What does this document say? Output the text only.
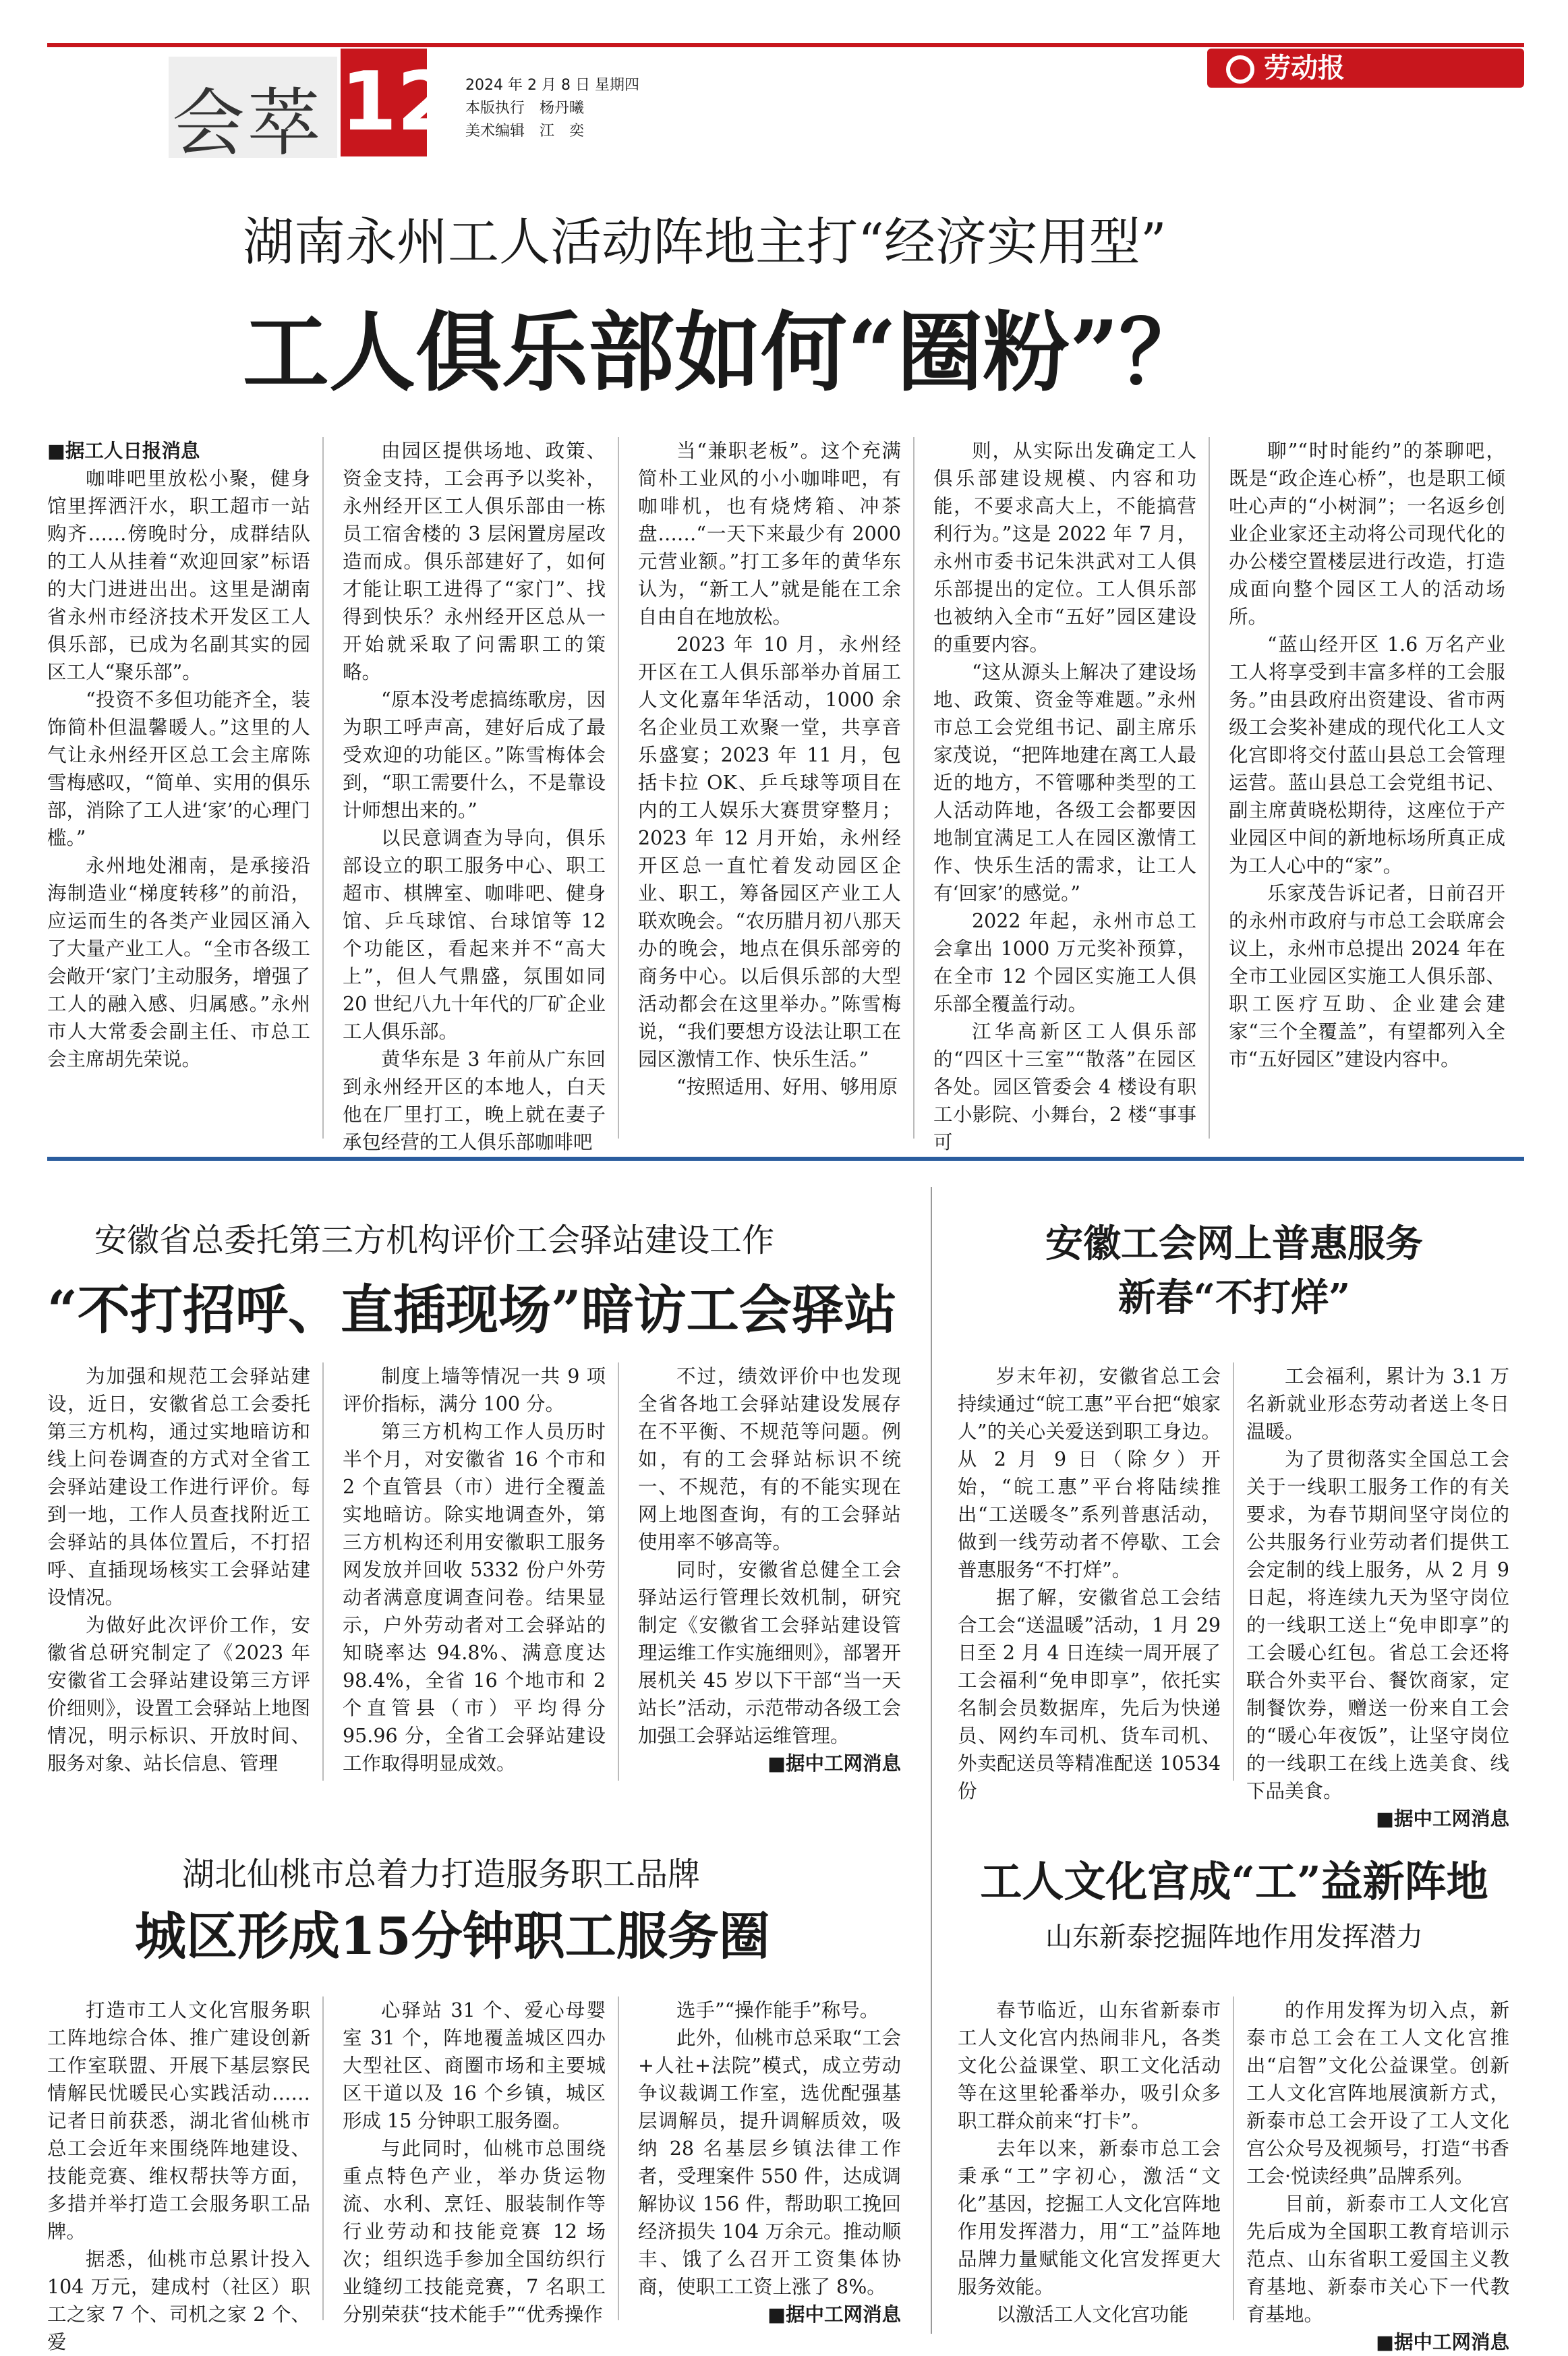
会萃 12 2024 年 2 月 8 日 星期四
本版执行　杨丹曦
美术编辑　江　奕
劳动报
湖南永州工人活动阵地主打“经济实用型”
工人俱乐部如何“圈粉”？

■据工人日报消息

咖啡吧里放松小聚，健身馆里挥洒汗水，职工超市一站购齐……傍晚时分，成群结队的工人从挂着“欢迎回家”标语的大门进进出出。这里是湖南省永州市经济技术开发区工人俱乐部，已成为名副其实的园区工人“聚乐部”。

“投资不多但功能齐全，装饰简朴但温馨暖人。”这里的人气让永州经开区总工会主席陈雪梅感叹，“简单、实用的俱乐部，消除了工人进‘家’的心理门槛。”

永州地处湘南，是承接沿海制造业“梯度转移”的前沿，应运而生的各类产业园区涌入了大量产业工人。“全市各级工会敞开‘家门’主动服务，增强了工人的融入感、归属感。”永州市人大常委会副主任、市总工会主席胡先荣说。

由园区提供场地、政策、资金支持，工会再予以奖补，永州经开区工人俱乐部由一栋员工宿舍楼的 3 层闲置房屋改造而成。俱乐部建好了，如何才能让职工进得了“家门”、找得到快乐？永州经开区总从一开始就采取了问需职工的策略。

“原本没考虑搞练歌房，因为职工呼声高，建好后成了最受欢迎的功能区。”陈雪梅体会到，“职工需要什么，不是靠设计师想出来的。”

以民意调查为导向，俱乐部设立的职工服务中心、职工超市、棋牌室、咖啡吧、健身馆、乒乓球馆、台球馆等 12 个功能区，看起来并不“高大上”，但人气鼎盛，氛围如同 20 世纪八九十年代的厂矿企业工人俱乐部。

黄华东是 3 年前从广东回到永州经开区的本地人，白天他在厂里打工，晚上就在妻子承包经营的工人俱乐部咖啡吧

当“兼职老板”。这个充满简朴工业风的小小咖啡吧，有咖啡机，也有烧烤箱、冲茶盘……“一天下来最少有 2000 元营业额。”打工多年的黄华东认为，“新工人”就是能在工余自由自在地放松。

2023 年 10 月，永州经开区在工人俱乐部举办首届工人文化嘉年华活动，1000 余名企业员工欢聚一堂，共享音乐盛宴；2023 年 11 月，包括卡拉 OK、乒乓球等项目在内的工人娱乐大赛贯穿整月；2023 年 12 月开始，永州经开区总一直忙着发动园区企业、职工，筹备园区产业工人联欢晚会。“农历腊月初八那天办的晚会，地点在俱乐部旁的商务中心。以后俱乐部的大型活动都会在这里举办。”陈雪梅说，“我们要想方设法让职工在园区激情工作、快乐生活。”

“按照适用、好用、够用原

则，从实际出发确定工人俱乐部建设规模、内容和功能，不要求高大上，不能搞营利行为。”这是 2022 年 7 月，永州市委书记朱洪武对工人俱乐部提出的定位。工人俱乐部也被纳入全市“五好”园区建设的重要内容。

“这从源头上解决了建设场地、政策、资金等难题。”永州市总工会党组书记、副主席乐家茂说，“把阵地建在离工人最近的地方，不管哪种类型的工人活动阵地，各级工会都要因地制宜满足工人在园区激情工作、快乐生活的需求，让工人有‘回家’的感觉。”

2022 年起，永州市总工会拿出 1000 万元奖补预算，在全市 12 个园区实施工人俱乐部全覆盖行动。

江华高新区工人俱乐部的“四区十三室”“散落”在园区各处。园区管委会 4 楼设有职工小影院、小舞台，2 楼“事事可

聊”“时时能约”的茶聊吧，既是“政企连心桥”，也是职工倾吐心声的“小树洞”；一名返乡创业企业家还主动将公司现代化的办公楼空置楼层进行改造，打造成面向整个园区工人的活动场所。

“蓝山经开区 1.6 万名产业工人将享受到丰富多样的工会服务。”由县政府出资建设、省市两级工会奖补建成的现代化工人文化宫即将交付蓝山县总工会管理运营。蓝山县总工会党组书记、副主席黄晓松期待，这座位于产业园区中间的新地标场所真正成为工人心中的“家”。

乐家茂告诉记者，日前召开的永州市政府与市总工会联席会议上，永州市总提出 2024 年在全市工业园区实施工人俱乐部、职工医疗互助、企业建会建家“三个全覆盖”，有望都列入全市“五好园区”建设内容中。

安徽省总委托第三方机构评价工会驿站建设工作
“不打招呼、直插现场”暗访工会驿站

为加强和规范工会驿站建设，近日，安徽省总工会委托第三方机构，通过实地暗访和线上问卷调查的方式对全省工会驿站建设工作进行评价。每到一地，工作人员查找附近工会驿站的具体位置后，不打招呼、直插现场核实工会驿站建设情况。

为做好此次评价工作，安徽省总研究制定了《2023 年安徽省工会驿站建设第三方评价细则》，设置工会驿站上地图情况，明示标识、开放时间、服务对象、站长信息、管理

制度上墙等情况一共 9 项评价指标，满分 100 分。

第三方机构工作人员历时半个月，对安徽省 16 个市和 2 个直管县（市）进行全覆盖实地暗访。除实地调查外，第三方机构还利用安徽职工服务网发放并回收 5332 份户外劳动者满意度调查问卷。结果显示，户外劳动者对工会驿站的知晓率达 94.8%、满意度达 98.4%，全省 16 个地市和 2 个直管县（市）平均得分 95.96 分，全省工会驿站建设工作取得明显成效。

不过，绩效评价中也发现全省各地工会驿站建设发展存在不平衡、不规范等问题。例如，有的工会驿站标识不统一、不规范，有的不能实现在网上地图查询，有的工会驿站使用率不够高等。

同时，安徽省总健全工会驿站运行管理长效机制，研究制定《安徽省工会驿站建设管理运维工作实施细则》，部署开展机关 45 岁以下干部“当一天站长”活动，示范带动各级工会加强工会驿站运维管理。

■据中工网消息

安徽工会网上普惠服务
新春“不打烊”

岁末年初，安徽省总工会持续通过“皖工惠”平台把“娘家人”的关心关爱送到职工身边。从 2 月 9 日（除夕）开始，“皖工惠”平台将陆续推出“工送暖冬”系列普惠活动，做到一线劳动者不停歇、工会普惠服务“不打烊”。

据了解，安徽省总工会结合工会“送温暖”活动，1 月 29 日至 2 月 4 日连续一周开展了工会福利“免申即享”，依托实名制会员数据库，先后为快递员、网约车司机、货车司机、外卖配送员等精准配送 10534 份

工会福利，累计为 3.1 万名新就业形态劳动者送上冬日温暖。

为了贯彻落实全国总工会关于一线职工服务工作的有关要求，为春节期间坚守岗位的公共服务行业劳动者们提供工会定制的线上服务，从 2 月 9 日起，将连续九天为坚守岗位的一线职工送上“免申即享”的工会暖心红包。省总工会还将联合外卖平台、餐饮商家，定制餐饮券，赠送一份来自工会的“暖心年夜饭”，让坚守岗位的一线职工在线上选美食、线下品美食。

■据中工网消息

湖北仙桃市总着力打造服务职工品牌
城区形成15分钟职工服务圈

打造市工人文化宫服务职工阵地综合体、推广建设创新工作室联盟、开展下基层察民情解民忧暖民心实践活动……记者日前获悉，湖北省仙桃市总工会近年来围绕阵地建设、技能竞赛、维权帮扶等方面，多措并举打造工会服务职工品牌。

据悉，仙桃市总累计投入 104 万元，建成村（社区）职工之家 7 个、司机之家 2 个、爱

心驿站 31 个、爱心母婴室 31 个，阵地覆盖城区四办大型社区、商圈市场和主要城区干道以及 16 个乡镇，城区形成 15 分钟职工服务圈。

与此同时，仙桃市总围绕重点特色产业，举办货运物流、水利、烹饪、服装制作等行业劳动和技能竞赛 12 场次；组织选手参加全国纺织行业缝纫工技能竞赛，7 名职工分别荣获“技术能手”“优秀操作

选手”“操作能手”称号。

此外，仙桃市总采取“工会+人社+法院”模式，成立劳动争议裁调工作室，选优配强基层调解员，提升调解质效，吸纳 28 名基层乡镇法律工作者，受理案件 550 件，达成调解协议 156 件，帮助职工挽回经济损失 104 万余元。推动顺丰、饿了么召开工资集体协商，使职工工资上涨了 8%。

■据中工网消息

工人文化宫成“工”益新阵地
山东新泰挖掘阵地作用发挥潜力

春节临近，山东省新泰市工人文化宫内热闹非凡，各类文化公益课堂、职工文化活动等在这里轮番举办，吸引众多职工群众前来“打卡”。

去年以来，新泰市总工会秉承“工”字初心，激活“文化”基因，挖掘工人文化宫阵地作用发挥潜力，用“工”益阵地品牌力量赋能文化宫发挥更大服务效能。

以激活工人文化宫功能

的作用发挥为切入点，新泰市总工会在工人文化宫推出“启智”文化公益课堂。创新工人文化宫阵地展演新方式，新泰市总工会开设了工人文化宫公众号及视频号，打造“书香工会·悦读经典”品牌系列。

目前，新泰市工人文化宫先后成为全国职工教育培训示范点、山东省职工爱国主义教育基地、新泰市关心下一代教育基地。

■据中工网消息
